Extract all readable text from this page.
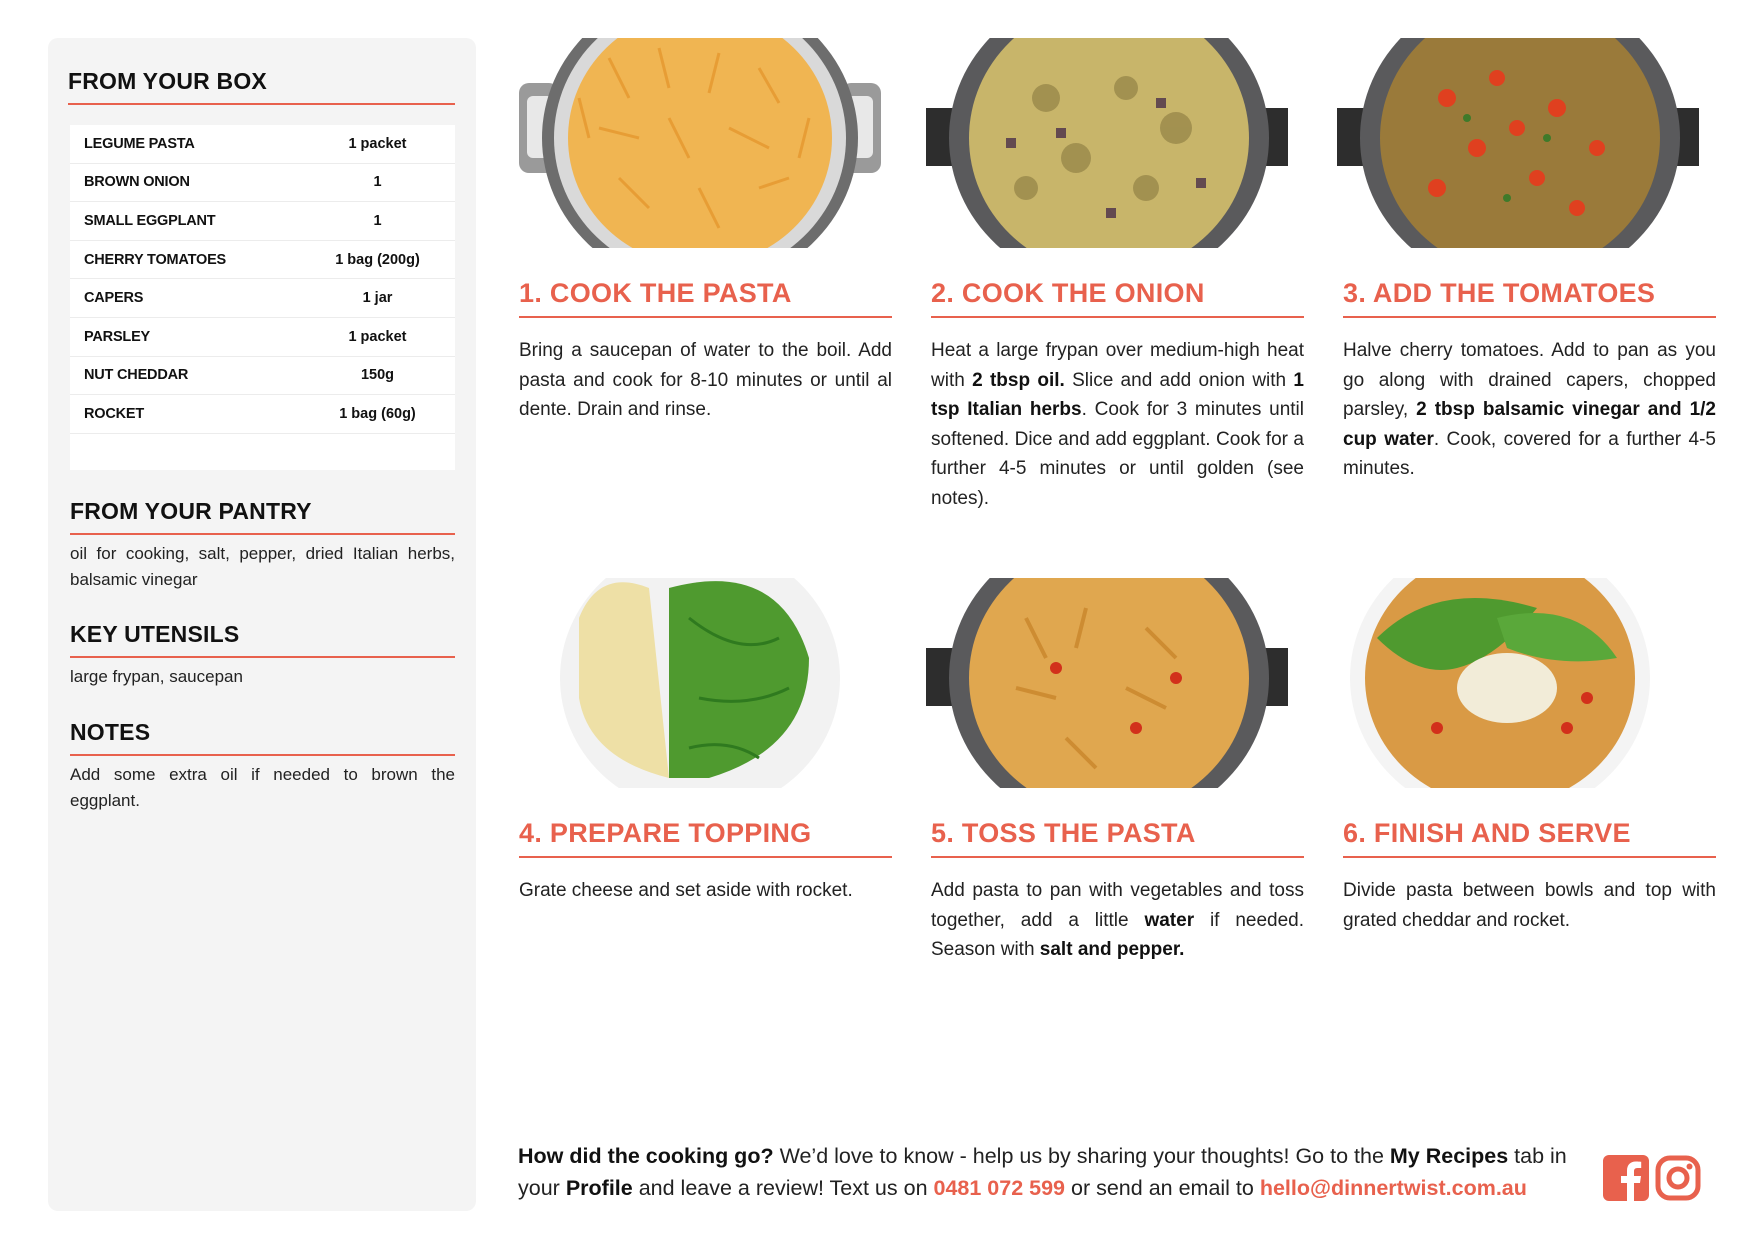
FROM YOUR BOX
LEGUME PASTA	1 packet
BROWN ONION	1
SMALL EGGPLANT	1
CHERRY TOMATOES	1 bag (200g)
CAPERS	1 jar
PARSLEY	1 packet
NUT CHEDDAR	150g
ROCKET	1 bag (60g)
FROM YOUR PANTRY
oil for cooking, salt, pepper, dried Italian herbs, balsamic vinegar
KEY UTENSILS
large frypan, saucepan
NOTES
Add some extra oil if needed to brown the eggplant.
1. COOK THE PASTA
Bring a saucepan of water to the boil. Add pasta and cook for 8-10 minutes or until al dente. Drain and rinse.
2. COOK THE ONION
Heat a large frypan over medium-high heat with 2 tbsp oil. Slice and add onion with 1 tsp Italian herbs. Cook for 3 minutes until softened. Dice and add eggplant. Cook for a further 4-5 minutes or until golden (see notes).
3. ADD THE TOMATOES
Halve cherry tomatoes. Add to pan as you go along with drained capers, chopped parsley, 2 tbsp balsamic vinegar and 1/2 cup water. Cook, covered for a further 4-5 minutes.
4. PREPARE TOPPING
Grate cheese and set aside with rocket.
5. TOSS THE PASTA
Add pasta to pan with vegetables and toss together, add a little water if needed. Season with salt and pepper.
6. FINISH AND SERVE
Divide pasta between bowls and top with grated cheddar and rocket.
How did the cooking go? We’d love to know - help us by sharing your thoughts! Go to the My Recipes tab in your Profile and leave a review! Text us on 0481 072 599 or send an email to hello@dinnertwist.com.au
